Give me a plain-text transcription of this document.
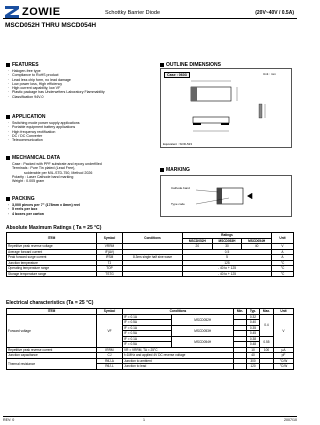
ZOWIE	Schottky Barrier Diode	(20V~40V / 0.5A)
MSCD052H THRU MSCD054H
FEATURES
· Halogen-free type
· Compliance to RoHS product
· Lead less chip form, no lead damage
· Low power loss, High efficiency
· High current capability, low VF
· Plastic package has Underwriters Laboratory Flammability
· Classification 94V-0
APPLICATION
· Switching mode power supply applications
· Portable equipment battery applications
· High frequency rectification
· DC / DC Converter
· Telecommunication
MECHANICAL DATA
Case : Packed with PPF substrate and epoxy underfilled
Terminals : Pure Tin plated (Lead Free),
solderable per MIL-STD-750, Method 2026
Polarity : Laser Cathode band marking
Weight : 0.005 gram
PACKING
· 3,000 pieces per 7" (178mm x 8mm) reel
· 5 reels per box
· 4 boxes per carton
OUTLINE DIMENSIONS
Case : 0603	Unit : mm
Equivalent : SOD-523
MARKING
Cathode band
Type code
Absolute Maximum Ratings ( Ta = 25 °C)
ITEM	Symbol	Conditions	Ratings			Unit
			MSCD052H	MSCD053H	MSCD054H	
Repetitive peak reverse voltage	VRRM		20	30	40	V
Average forward current	IF(AV)		0.5			A
Peak forward surge current	IFSM	8.3ms single half sine wave	5			A
Junction temperature	TJ		125			°C
Operating temperature range	TOP		- 40 to + 125			°C
Storage temperature range	TSTG		- 40 to + 125			°C
Electrical characteristics (Ta = 25 °C)
ITEM	Symbol	Conditions		Min.	Typ.	Max.	Unit
Forward voltage	VF	IF = 0.1A	MSCD052H		0.32	0.4	V
		IF = 0.5A			0.40		
		IF = 0.1A	MSCD053H		0.35		
		IF = 0.5A			0.45		
		IF = 0.1A	MSCD054H		0.38	0.55	
		IF = 0.5A			0.48		
Repetitive peak reverse current	IRRM	VR = VRRM, TA = 25°C			10	100	μA
Junction capacitance	CJ	f=1MHz and applied 4V DC reverse voltage			40		pF
Thermal resistance	RθJ-A	Junction to ambient			300		°C/W
	RθJ-L	Junction to lead			120		°C/W
REV: 0	1	2007/10
